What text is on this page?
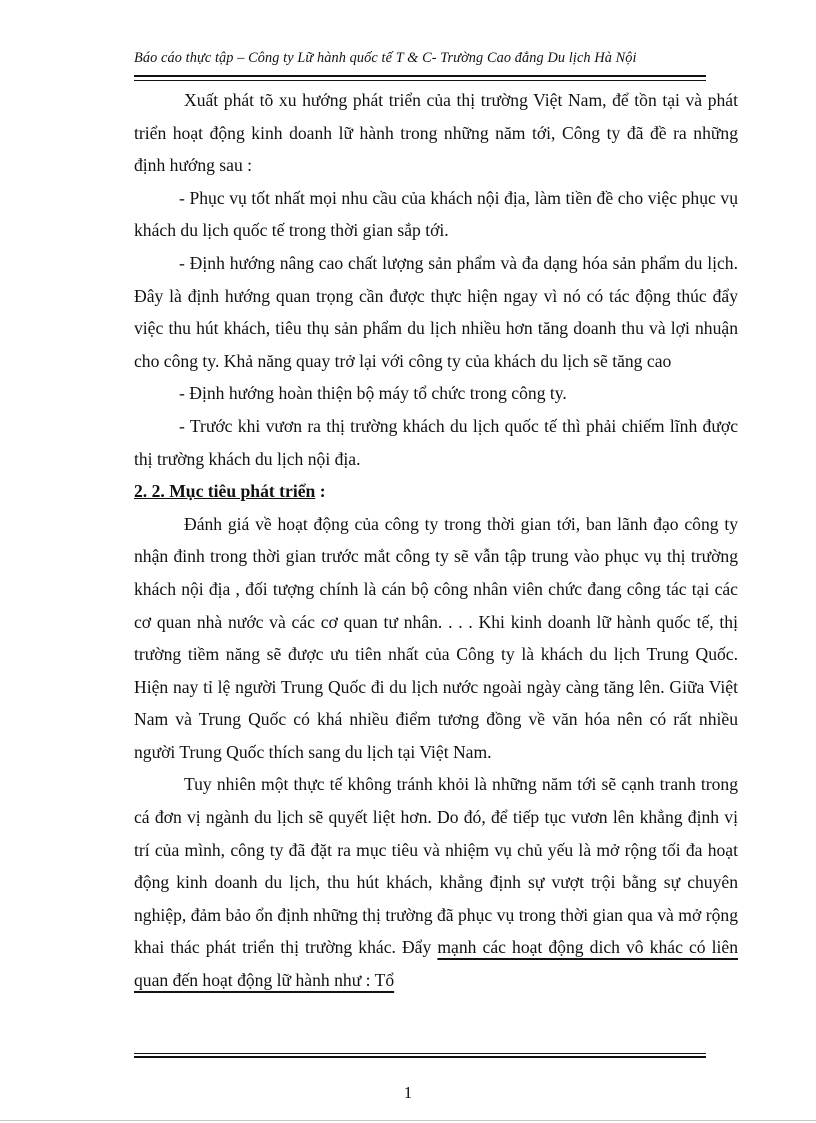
Báo cáo thực tập – Công ty Lữ hành quốc tế T & C- Trường Cao đẳng Du lịch Hà Nội

Xuất phát tõ xu hướng phát triển của thị trường Việt Nam, để tồn tại và phát triển hoạt động kinh doanh lữ hành trong những năm tới, Công ty đã đề ra những định hướng sau :

- Phục vụ tốt nhất mọi nhu cầu của khách nội địa, làm tiền đề cho việc phục vụ khách du lịch quốc tế trong thời gian sắp tới.

- Định hướng nâng cao chất lượng sản phẩm và đa dạng hóa sản phẩm du lịch. Đây là định hướng quan trọng cần được thực hiện ngay vì nó có tác động thúc đẩy việc thu hút khách, tiêu thụ sản phẩm du lịch nhiều hơn tăng doanh thu và lợi nhuận cho công ty. Khả năng quay trở lại với công ty của khách du lịch sẽ tăng cao

- Định hướng hoàn thiện bộ máy tổ chức trong công ty.

- Trước khi vươn ra thị trường khách du lịch quốc tế thì phải chiếm lĩnh được thị trường khách du lịch nội địa.

2. 2. Mục tiêu phát triển :

Đánh giá về hoạt động của công ty trong thời gian tới, ban lãnh đạo công ty nhận đinh trong thời gian trước mắt công ty sẽ vẫn tập trung vào phục vụ thị trường khách nội địa , đối tượng chính là cán bộ công nhân viên chức đang công tác tại các cơ quan nhà nước và các cơ quan tư nhân. . . . Khi kinh doanh lữ hành quốc tế, thị trường tiềm năng sẽ được ưu tiên nhất của Công ty là khách du lịch Trung Quốc. Hiện nay tỉ lệ người Trung Quốc đi du lịch nước ngoài ngày càng tăng lên. Giữa Việt Nam và Trung Quốc có khá nhiều điểm tương đồng về văn hóa nên có rất nhiều người Trung Quốc thích sang du lịch tại Việt Nam.

Tuy nhiên một thực tế không tránh khỏi là những năm tới sẽ cạnh tranh trong cá đơn vị ngành du lịch sẽ quyết liệt hơn. Do đó, để tiếp tục vươn lên khẳng định vị trí của mình, công ty đã đặt ra mục tiêu và nhiệm vụ chủ yếu là mở rộng tối đa hoạt động kinh doanh du lịch, thu hút khách, khẳng định sự vượt trội bằng sự chuyên nghiệp, đảm bảo ổn định những thị trường đã phục vụ trong thời gian qua và mở rộng khai thác phát triển thị trường khác. Đẩy mạnh các hoạt động dich vô khác có liên quan đến hoạt động lữ hành như : Tổ

1
